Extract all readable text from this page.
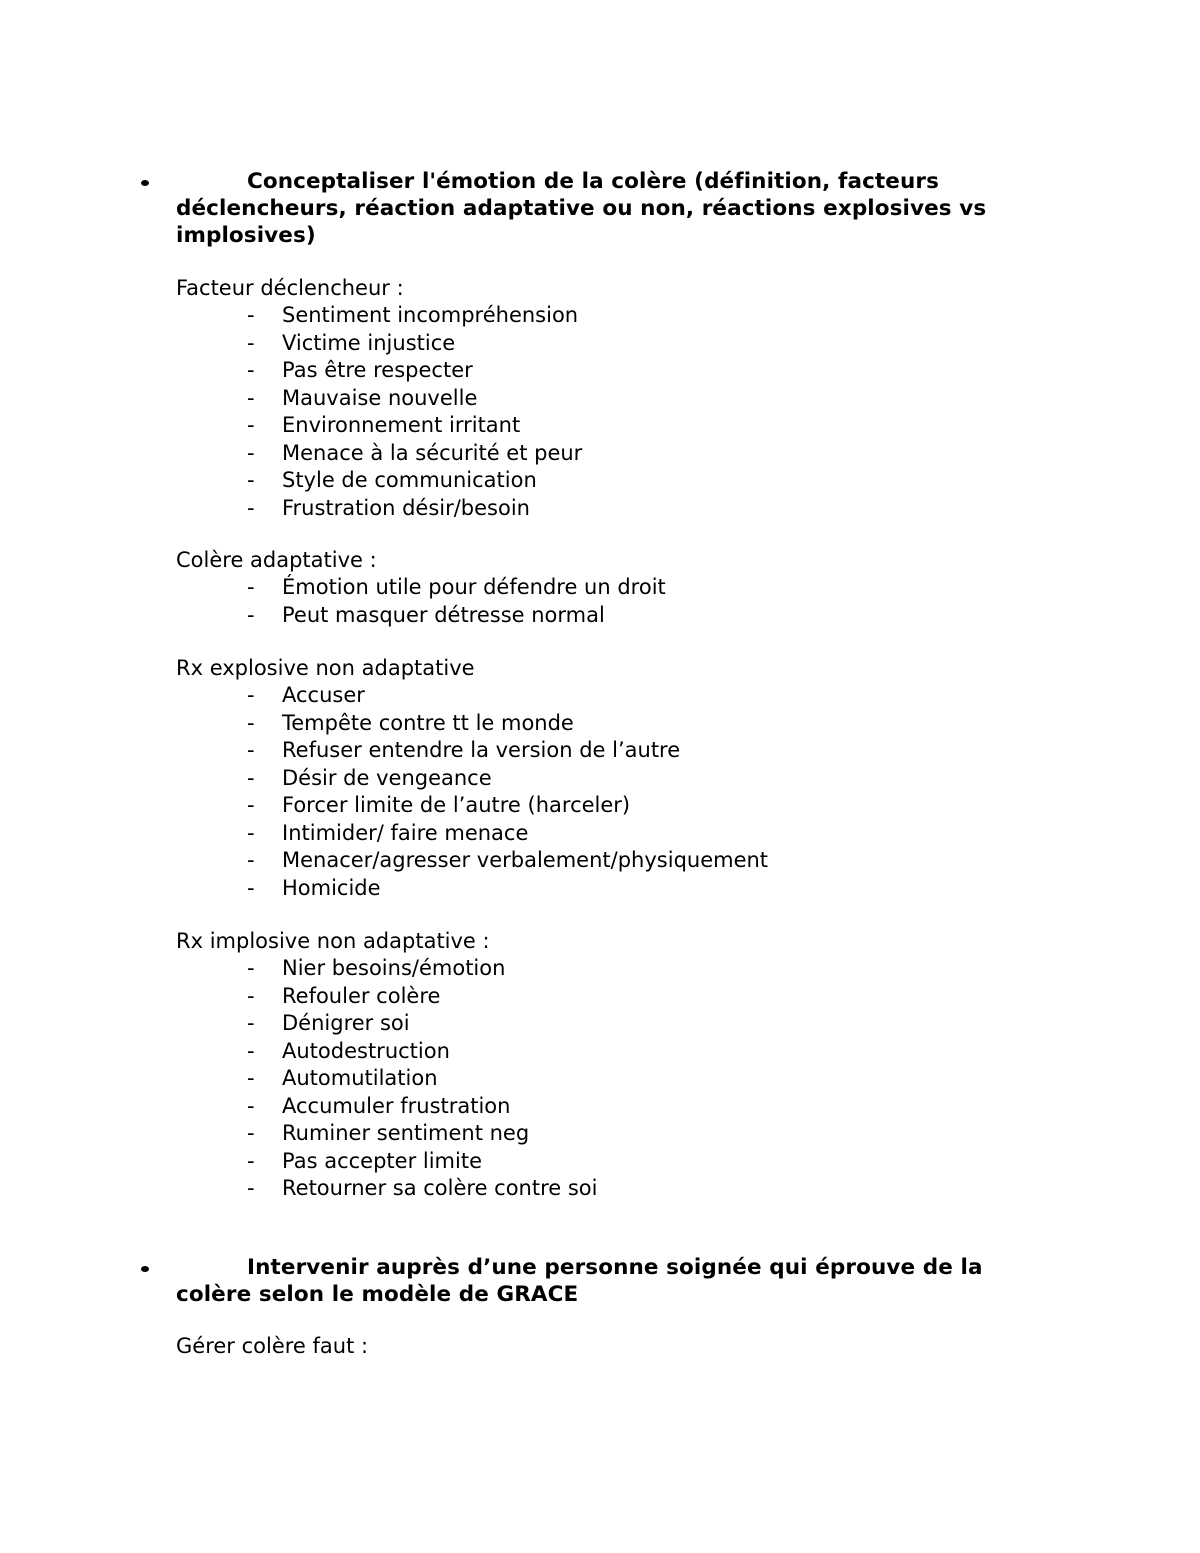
Conceptaliser l'émotion de la colère (définition, facteurs déclencheurs, réaction adaptative ou non, réactions explosives vs implosives)
Facteur déclencheur :
- Sentiment incompréhension
- Victime injustice
- Pas être respecter
- Mauvaise nouvelle
- Environnement irritant
- Menace à la sécurité et peur
- Style de communication
- Frustration désir/besoin
Colère adaptative :
- Émotion utile pour défendre un droit
- Peut masquer détresse normal
Rx explosive non adaptative
- Accuser
- Tempête contre tt le monde
- Refuser entendre la version de l’autre
- Désir de vengeance
- Forcer limite de l’autre (harceler)
- Intimider/ faire menace
- Menacer/agresser verbalement/physiquement
- Homicide
Rx implosive non adaptative :
- Nier besoins/émotion
- Refouler colère
- Dénigrer soi
- Autodestruction
- Automutilation
- Accumuler frustration
- Ruminer sentiment neg
- Pas accepter limite
- Retourner sa colère contre soi
Intervenir auprès d’une personne soignée qui éprouve de la colère selon le modèle de GRACE
Gérer colère faut :
